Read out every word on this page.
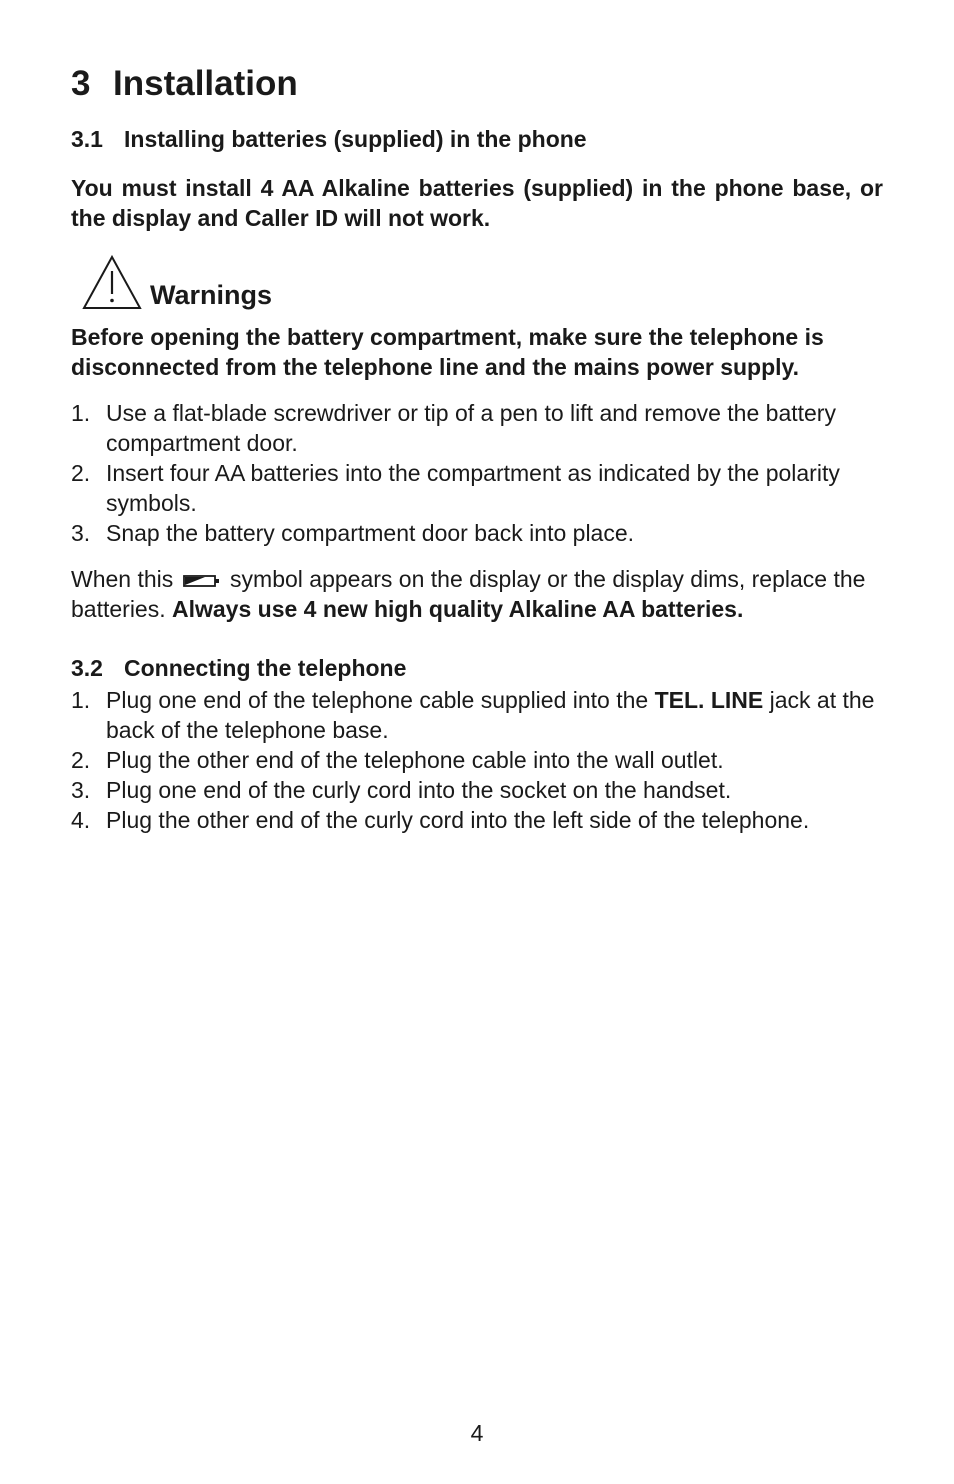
3 Installation
3.1 Installing batteries (supplied) in the phone
You must install 4 AA Alkaline batteries (supplied) in the phone base, or the display and Caller ID will not work.
Warnings
Before opening the battery compartment, make sure the telephone is disconnected from the telephone line and the mains power supply.
1. Use a flat-blade screwdriver or tip of a pen to lift and remove the battery compartment door.
2. Insert four AA batteries into the compartment as indicated by the polarity symbols.
3. Snap the battery compartment door back into place.
When this  symbol appears on the display or the display dims, replace the batteries. Always use 4 new high quality Alkaline AA batteries.
3.2 Connecting the telephone
1. Plug one end of the telephone cable supplied into the TEL. LINE jack at the back of the telephone base.
2. Plug the other end of the telephone cable into the wall outlet.
3. Plug one end of the curly cord into the socket on the handset.
4. Plug the other end of the curly cord into the left side of the telephone.
4
